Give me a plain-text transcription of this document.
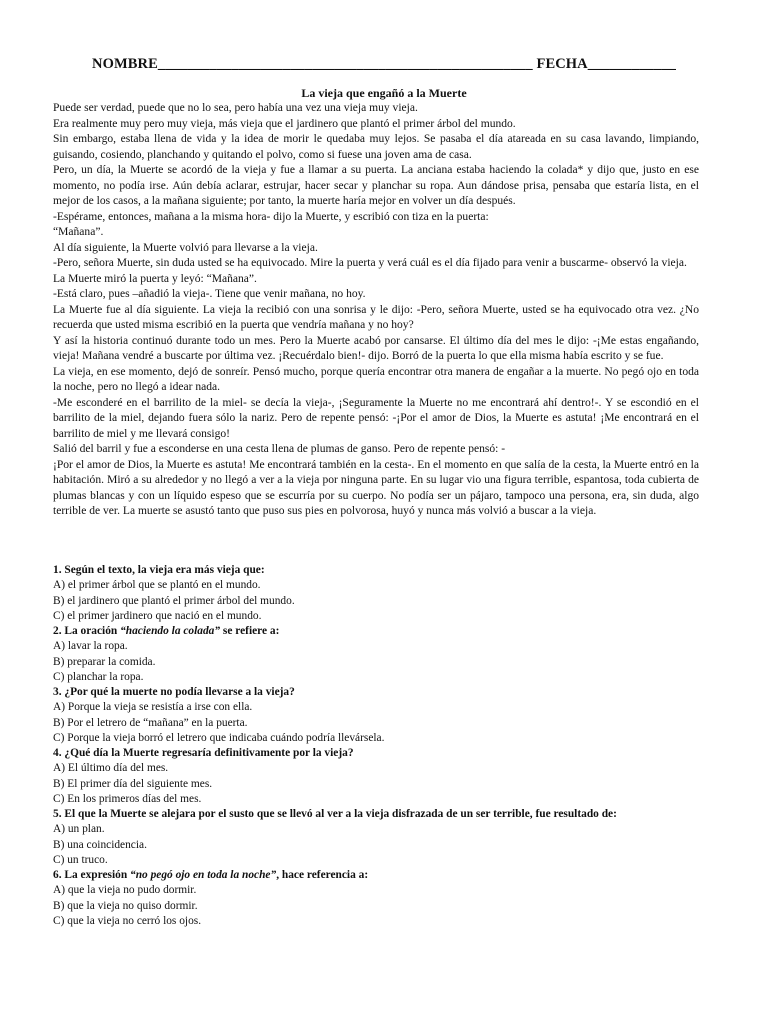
NOMBRE___________________________________________________ FECHA____________
La vieja que engañó a la Muerte

Puede ser verdad, puede que no lo sea, pero había una vez una vieja muy vieja.

Era realmente muy pero muy vieja, más vieja que el jardinero que plantó el primer árbol del mundo.

Sin embargo, estaba llena de vida y la idea de morir le quedaba muy lejos. Se pasaba el día atareada en su casa lavando, limpiando, guisando, cosiendo, planchando y quitando el polvo, como si fuese una joven ama de casa.

Pero, un día, la Muerte se acordó de la vieja y fue a llamar a su puerta. La anciana estaba haciendo la colada* y dijo que, justo en ese momento, no podía irse. Aún debía aclarar, estrujar, hacer secar y planchar su ropa. Aun dándose prisa, pensaba que estaría lista, en el mejor de los casos, a la mañana siguiente; por tanto, la muerte haría mejor en volver un día después.

-Espérame, entonces, mañana a la misma hora- dijo la Muerte, y escribió con tiza en la puerta:

“Mañana”.

Al día siguiente, la Muerte volvió para llevarse a la vieja.

-Pero, señora Muerte, sin duda usted se ha equivocado. Mire la puerta y verá cuál es el día fijado para venir a buscarme- observó la vieja.

La Muerte miró la puerta y leyó: “Mañana”.

-Está claro, pues –añadió la vieja-. Tiene que venir mañana, no hoy.

La Muerte fue al día siguiente. La vieja la recibió con una sonrisa y le dijo: -Pero, señora Muerte, usted se ha equivocado otra vez. ¿No recuerda que usted misma escribió en la puerta que vendría mañana y no hoy?

Y así la historia continuó durante todo un mes. Pero la Muerte acabó por cansarse. El último día del mes le dijo: -¡Me estas engañando, vieja! Mañana vendré a buscarte por última vez. ¡Recuérdalo bien!- dijo. Borró de la puerta lo que ella misma había escrito y se fue.

La vieja, en ese momento, dejó de sonreír. Pensó mucho, porque quería encontrar otra manera de engañar a la muerte. No pegó ojo en toda la noche, pero no llegó a idear nada.

-Me esconderé en el barrilito de la miel- se decía la vieja-, ¡Seguramente la Muerte no me encontrará ahí dentro!-. Y se escondió en el barrilito de la miel, dejando fuera sólo la nariz. Pero de repente pensó: -¡Por el amor de Dios, la Muerte es astuta! ¡Me encontrará en el barrilito de miel y me llevará consigo!

Salió del barril y fue a esconderse en una cesta llena de plumas de ganso. Pero de repente pensó: -

¡Por el amor de Dios, la Muerte es astuta! Me encontrará también en la cesta-. En el momento en que salía de la cesta, la Muerte entró en la habitación. Miró a su alrededor y no llegó a ver a la vieja por ninguna parte. En su lugar vio una figura terrible, espantosa, toda cubierta de plumas blancas y con un líquido espeso que se escurría por su cuerpo. No podía ser un pájaro, tampoco una persona, era, sin duda, algo terrible de ver. La muerte se asustó tanto que puso sus pies en polvorosa, huyó y nunca más volvió a buscar a la vieja.

1. Según el texto, la vieja era más vieja que:
A) el primer árbol que se plantó en el mundo.
B) el jardinero que plantó el primer árbol del mundo.
C) el primer jardinero que nació en el mundo.
2. La oración “haciendo la colada” se refiere a:
A) lavar la ropa.
B) preparar la comida.
C) planchar la ropa.
3. ¿Por qué la muerte no podía llevarse a la vieja?
A) Porque la vieja se resistía a irse con ella.
B) Por el letrero de “mañana” en la puerta.
C) Porque la vieja borró el letrero que indicaba cuándo podría llevársela.
4. ¿Qué día la Muerte regresaría definitivamente por la vieja?
A) El último día del mes.
B) El primer día del siguiente mes.
C) En los primeros días del mes.
5. El que la Muerte se alejara por el susto que se llevó al ver a la vieja disfrazada de un ser terrible, fue resultado de:
A) un plan.
B) una coincidencia.
C) un truco.
6. La expresión “no pegó ojo en toda la noche”, hace referencia a:
A) que la vieja no pudo dormir.
B) que la vieja no quiso dormir.
C) que la vieja no cerró los ojos.
